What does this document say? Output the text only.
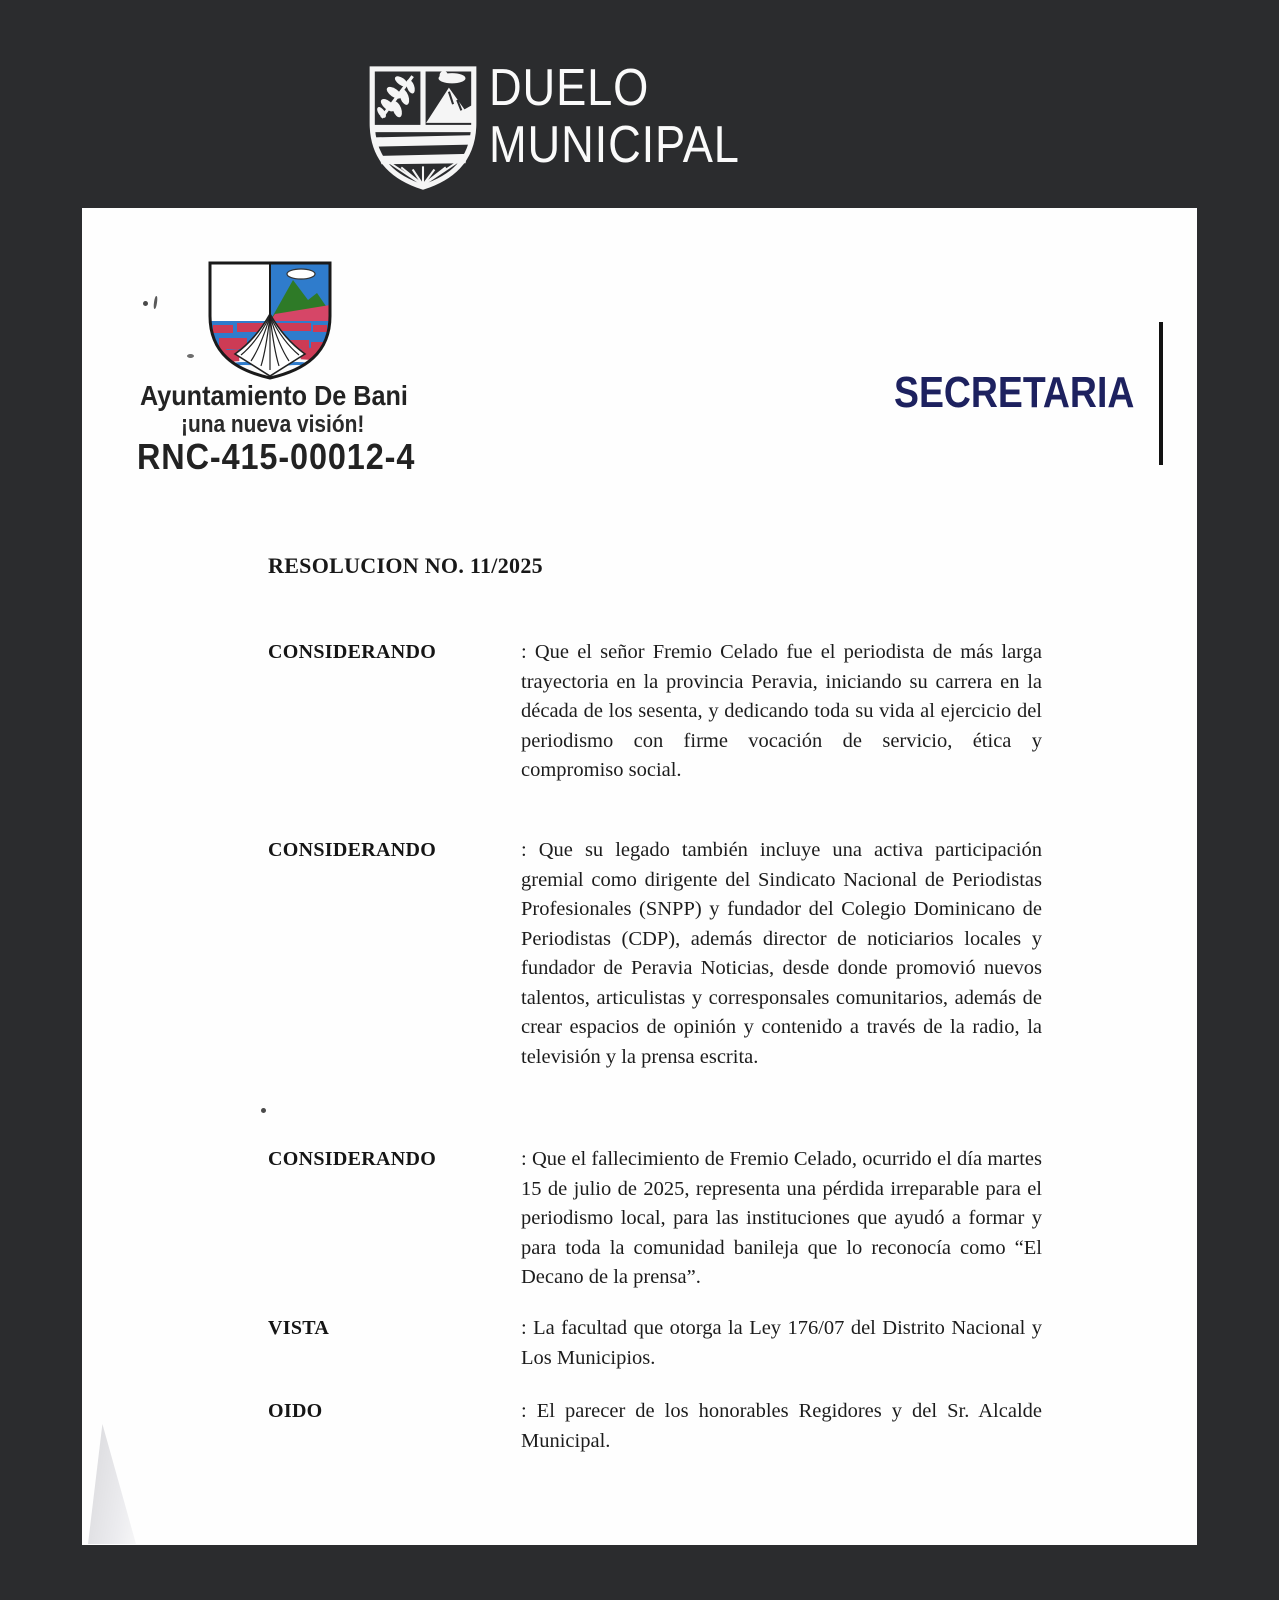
DUELO
MUNICIPAL
Ayuntamiento De Bani
¡una nueva visión!
RNC-415-00012-4
SECRETARIA
RESOLUCION NO. 11/2025
CONSIDERANDO	: Que el señor Fremio Celado fue el periodista de más larga trayectoria en la provincia Peravia, iniciando su carrera en la década de los sesenta, y dedicando toda su vida al ejercicio del periodismo con firme vocación de servicio, ética y compromiso social.
CONSIDERANDO	: Que su legado también incluye una activa participación gremial como dirigente del Sindicato Nacional de Periodistas Profesionales (SNPP) y fundador del Colegio Dominicano de Periodistas (CDP), además director de noticiarios locales y fundador de Peravia Noticias, desde donde promovió nuevos talentos, articulistas y corresponsales comunitarios, además de crear espacios de opinión y contenido a través de la radio, la televisión y la prensa escrita.
CONSIDERANDO	: Que el fallecimiento de Fremio Celado, ocurrido el día martes 15 de julio de 2025, representa una pérdida irreparable para el periodismo local, para las instituciones que ayudó a formar y para toda la comunidad banileja que lo reconocía como “El Decano de la prensa”.
VISTA	: La facultad que otorga la Ley 176/07 del Distrito Nacional y Los Municipios.
OIDO	: El parecer de los honorables Regidores y del Sr. Alcalde Municipal.
